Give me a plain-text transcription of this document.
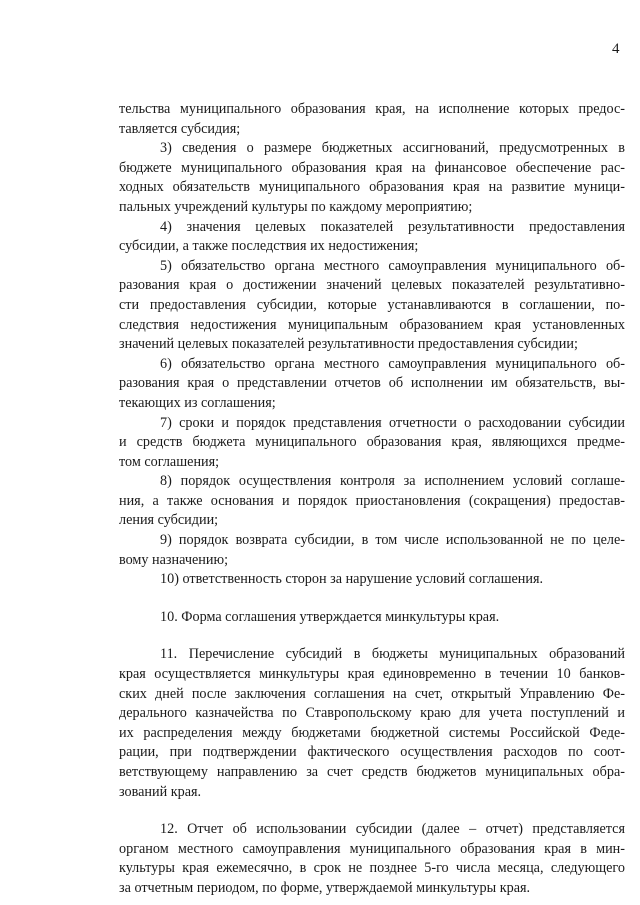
4
тельства муниципального образования края, на исполнение которых предос-
тавляется субсидия;
3) сведения о размере бюджетных ассигнований, предусмотренных в
бюджете муниципального образования края на финансовое обеспечение рас-
ходных обязательств муниципального образования края на развитие муници-
пальных учреждений культуры по каждому мероприятию;
4) значения целевых показателей результативности предоставления
субсидии, а также последствия их недостижения;
5) обязательство органа местного самоуправления муниципального об-
разования края о достижении значений целевых показателей результативно-
сти предоставления субсидии, которые устанавливаются в соглашении, по-
следствия недостижения муниципальным образованием края установленных
значений целевых показателей результативности предоставления субсидии;
6) обязательство органа местного самоуправления муниципального об-
разования края о представлении отчетов об исполнении им обязательств, вы-
текающих из соглашения;
7) сроки и порядок представления отчетности о расходовании субсидии
и средств бюджета муниципального образования края, являющихся предме-
том соглашения;
8) порядок осуществления контроля за исполнением условий соглаше-
ния, а также основания и порядок приостановления (сокращения) предостав-
ления субсидии;
9) порядок возврата субсидии, в том числе использованной не по целе-
вому назначению;
10) ответственность сторон за нарушение условий соглашения.
10. Форма соглашения утверждается минкультуры края.
11. Перечисление субсидий в бюджеты муниципальных образований
края осуществляется минкультуры края единовременно в течении 10 банков-
ских дней после заключения соглашения на счет, открытый Управлению Фе-
дерального казначейства по Ставропольскому краю для учета поступлений и
их распределения между бюджетами бюджетной системы Российской Федe-
рации, при подтверждении фактического осуществления расходов по соот-
ветствующему направлению за счет средств бюджетов муниципальных обра-
зований края.
12. Отчет об использовании субсидии (далее – отчет) представляется
органом местного самоуправления муниципального образования края в мин-
культуры края ежемесячно, в срок не позднее 5-го числа месяца, следующего
за отчетным периодом, по форме, утверждаемой минкультуры края.
